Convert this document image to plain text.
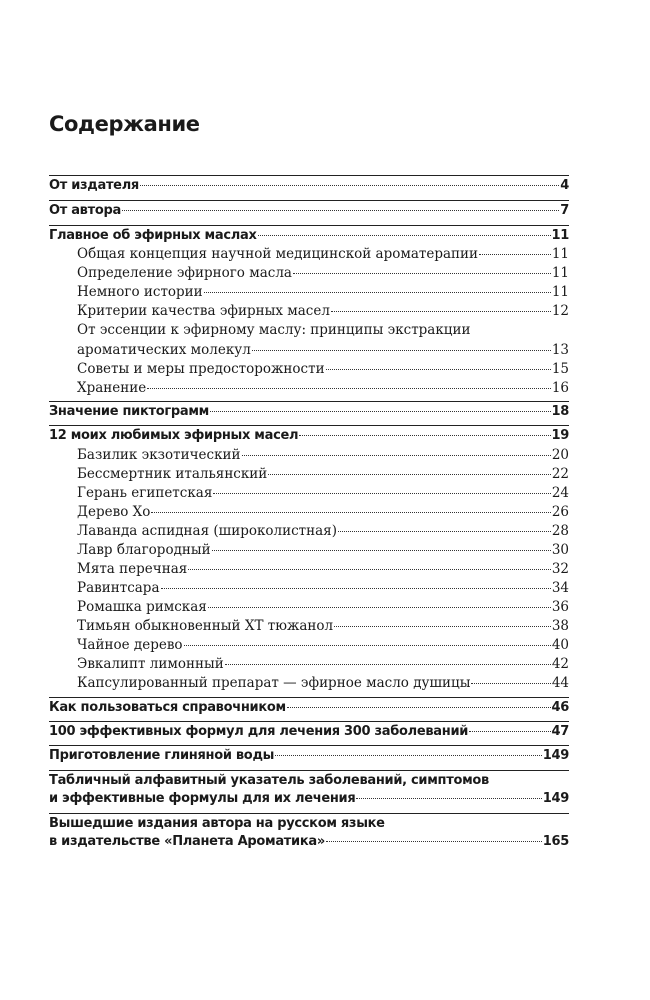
Содержание
От издателя	4
От автора	7
Главное об эфирных маслах	11
Общая концепция научной медицинской ароматерапии	11
Определение эфирного масла	11
Немного истории	11
Критерии качества эфирных масел	12
От эссенции к эфирному маслу: принципы экстракции
ароматических молекул	13
Советы и меры предосторожности	15
Хранение	16
Значение пиктограмм	18
12 моих любимых эфирных масел	19
Базилик экзотический	20
Бессмертник итальянский	22
Герань египетская	24
Дерево Хо	26
Лаванда аспидная (широколистная)	28
Лавр благородный	30
Мята перечная	32
Равинтсара	34
Ромашка римская	36
Тимьян обыкновенный ХТ тюжанол	38
Чайное дерево	40
Эвкалипт лимонный	42
Капсулированный препарат — эфирное масло душицы	44
Как пользоваться справочником	46
100 эффективных формул для лечения 300 заболеваний	47
Приготовление глиняной воды	149
Табличный алфавитный указатель заболеваний, симптомов
и эффективные формулы для их лечения	149
Вышедшие издания автора на русском языке
в издательстве «Планета Ароматика»	165
